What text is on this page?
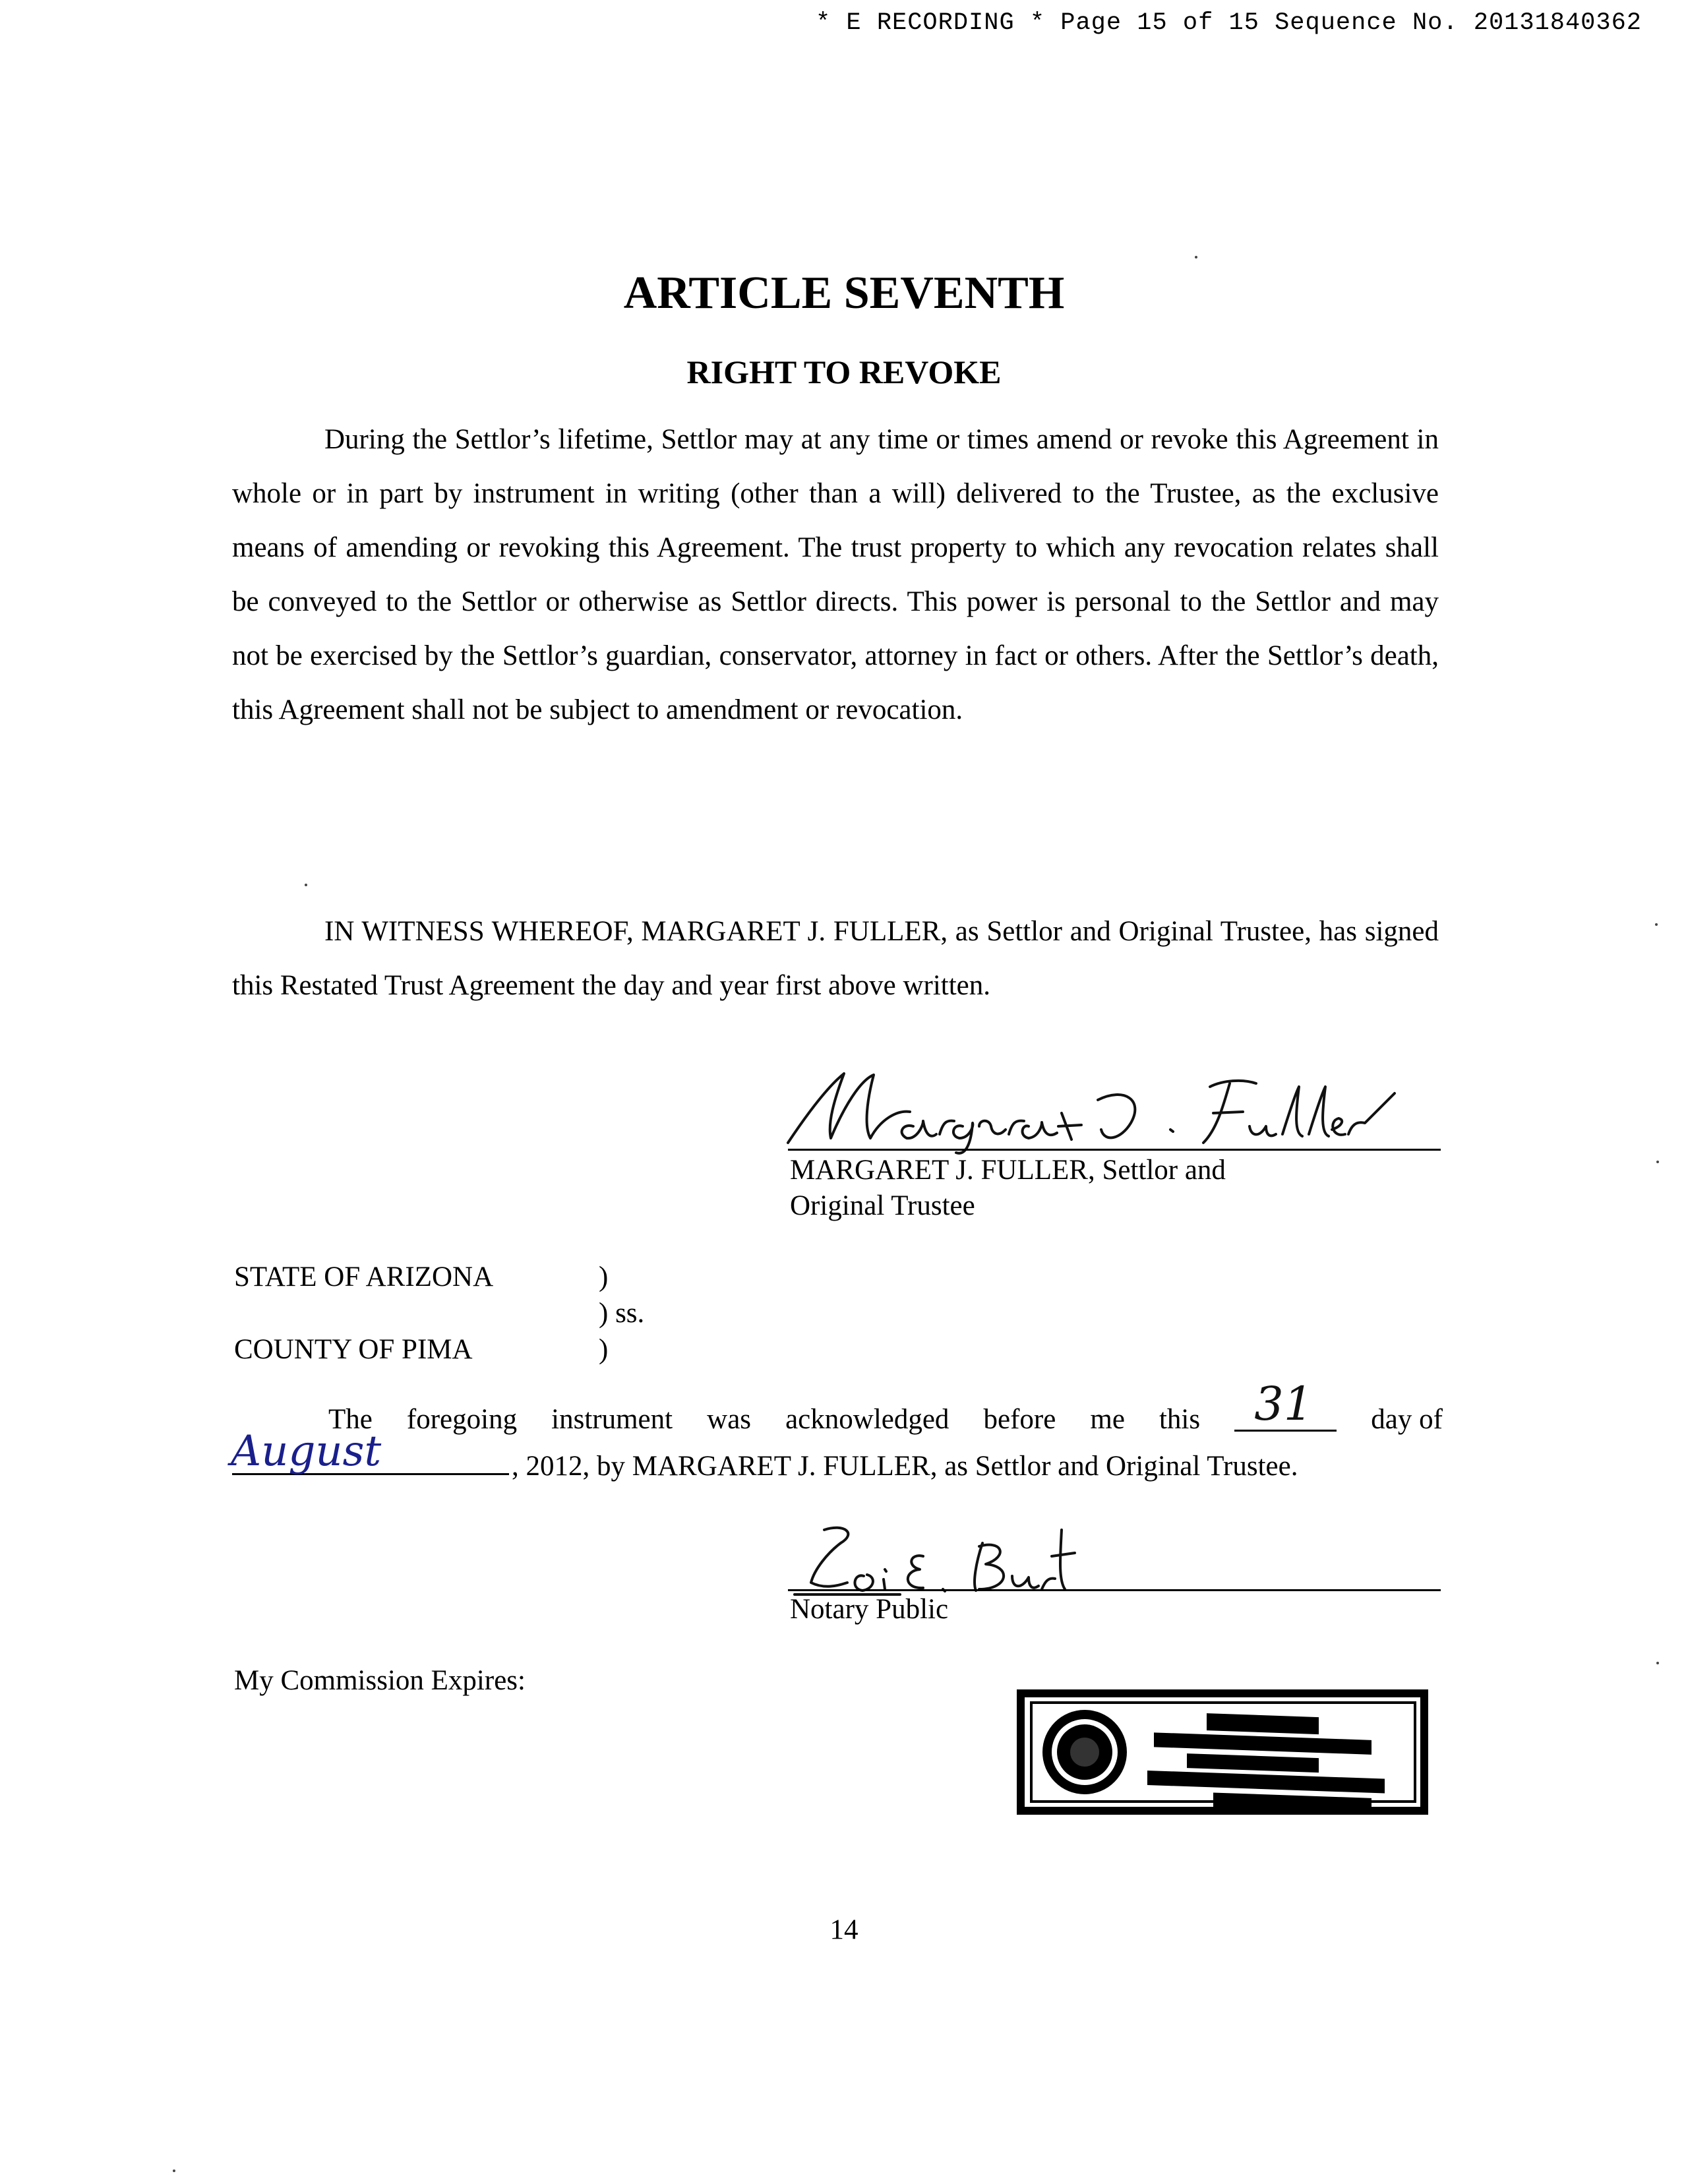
* E RECORDING * Page 15 of 15 Sequence No. 20131840362
ARTICLE SEVENTH
RIGHT TO REVOKE
During the Settlor’s lifetime, Settlor may at any time or times amend or revoke this Agreement in whole or in part by instrument in writing (other than a will) delivered to the Trustee, as the exclusive means of amending or revoking this Agreement. The trust property to which any revocation relates shall be conveyed to the Settlor or otherwise as Settlor directs. This power is personal to the Settlor and may not be exercised by the Settlor’s guardian, conservator, attorney in fact or others. After the Settlor’s death, this Agreement shall not be subject to amendment or revocation.
IN WITNESS WHEREOF, MARGARET J. FULLER, as Settlor and Original Trustee, has signed this Restated Trust Agreement the day and year first above written.
MARGARET J. FULLER, Settlor and
Original Trustee
STATE OF ARIZONA
COUNTY OF PIMA
)
) ss.
)
The foregoing instrument was acknowledged before me this 31 day of
August	, 2012, by MARGARET J. FULLER, as Settlor and Original Trustee.
Notary Public
My Commission Expires:
14
